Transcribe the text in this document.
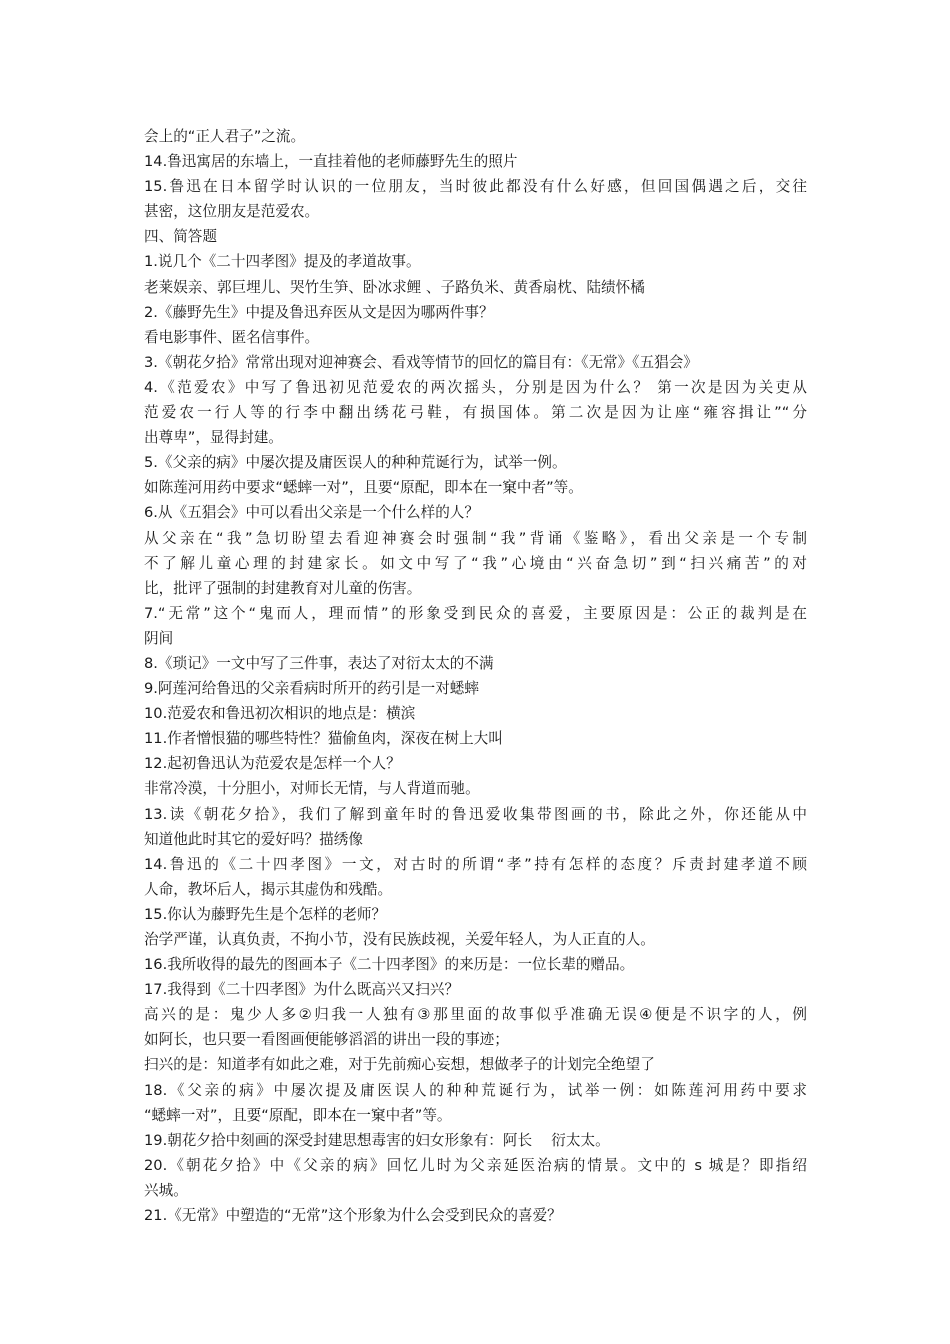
会上的“正人君子”之流。
14.鲁迅寓居的东墙上，一直挂着他的老师藤野先生的照片
15.鲁迅在日本留学时认识的一位朋友，当时彼此都没有什么好感，但回国偶遇之后，交往
甚密，这位朋友是范爱农。
四、简答题
1.说几个《二十四孝图》提及的孝道故事。
老莱娱亲、郭巨埋儿、哭竹生笋、卧冰求鲤 、子路负米、黄香扇枕、陆绩怀橘
2.《藤野先生》中提及鲁迅弃医从文是因为哪两件事？
看电影事件、匿名信事件。
3.《朝花夕拾》常常出现对迎神赛会、看戏等情节的回忆的篇目有：《无常》《五猖会》
4.《范爱农》中写了鲁迅初见范爱农的两次摇头，分别是因为什么？ 第一次是因为关吏从
范爱农一行人等的行李中翻出绣花弓鞋，有损国体。第二次是因为让座“雍容揖让”“分
出尊卑”，显得封建。
5.《父亲的病》中屡次提及庸医误人的种种荒诞行为，试举一例。
如陈莲河用药中要求“蟋蟀一对”，且要“原配，即本在一窠中者”等。
6.从《五猖会》中可以看出父亲是一个什么样的人？
从父亲在“我”急切盼望去看迎神赛会时强制“我”背诵《鉴略》，看出父亲是一个专制
不了解儿童心理的封建家长。如文中写了“我”心境由“兴奋急切”到“扫兴痛苦”的对
比，批评了强制的封建教育对儿童的伤害。
7.“无常”这个“鬼而人，理而情”的形象受到民众的喜爱，主要原因是：公正的裁判是在
阴间
8.《琐记》一文中写了三件事，表达了对衍太太的不满
9.阿莲河给鲁迅的父亲看病时所开的药引是一对蟋蟀
10.范爱农和鲁迅初次相识的地点是：横滨
11.作者憎恨猫的哪些特性？猫偷鱼肉，深夜在树上大叫
12.起初鲁迅认为范爱农是怎样一个人？
非常冷漠，十分胆小，对师长无情，与人背道而驰。
13.读《朝花夕拾》，我们了解到童年时的鲁迅爱收集带图画的书，除此之外，你还能从中
知道他此时其它的爱好吗？描绣像
14.鲁迅的《二十四孝图》一文，对古时的所谓“孝”持有怎样的态度？斥责封建孝道不顾
人命，教坏后人，揭示其虚伪和残酷。
15.你认为藤野先生是个怎样的老师？
治学严谨，认真负责，不拘小节，没有民族歧视，关爱年轻人，为人正直的人。
16.我所收得的最先的图画本子《二十四孝图》的来历是：一位长辈的赠品。
17.我得到《二十四孝图》为什么既高兴又扫兴？
高兴的是：鬼少人多②归我一人独有③那里面的故事似乎准确无误④便是不识字的人，例
如阿长，也只要一看图画便能够滔滔的讲出一段的事迹；
扫兴的是：知道孝有如此之难，对于先前痴心妄想，想做孝子的计划完全绝望了
18.《父亲的病》中屡次提及庸医误人的种种荒诞行为，试举一例：如陈莲河用药中要求
“蟋蟀一对”，且要“原配，即本在一窠中者”等。
19.朝花夕拾中刻画的深受封建思想毒害的妇女形象有：阿长　 衍太太。
20.《朝花夕拾》中《父亲的病》回忆儿时为父亲延医治病的情景。文中的 s 城是？即指绍
兴城。
21.《无常》中塑造的“无常”这个形象为什么会受到民众的喜爱？
